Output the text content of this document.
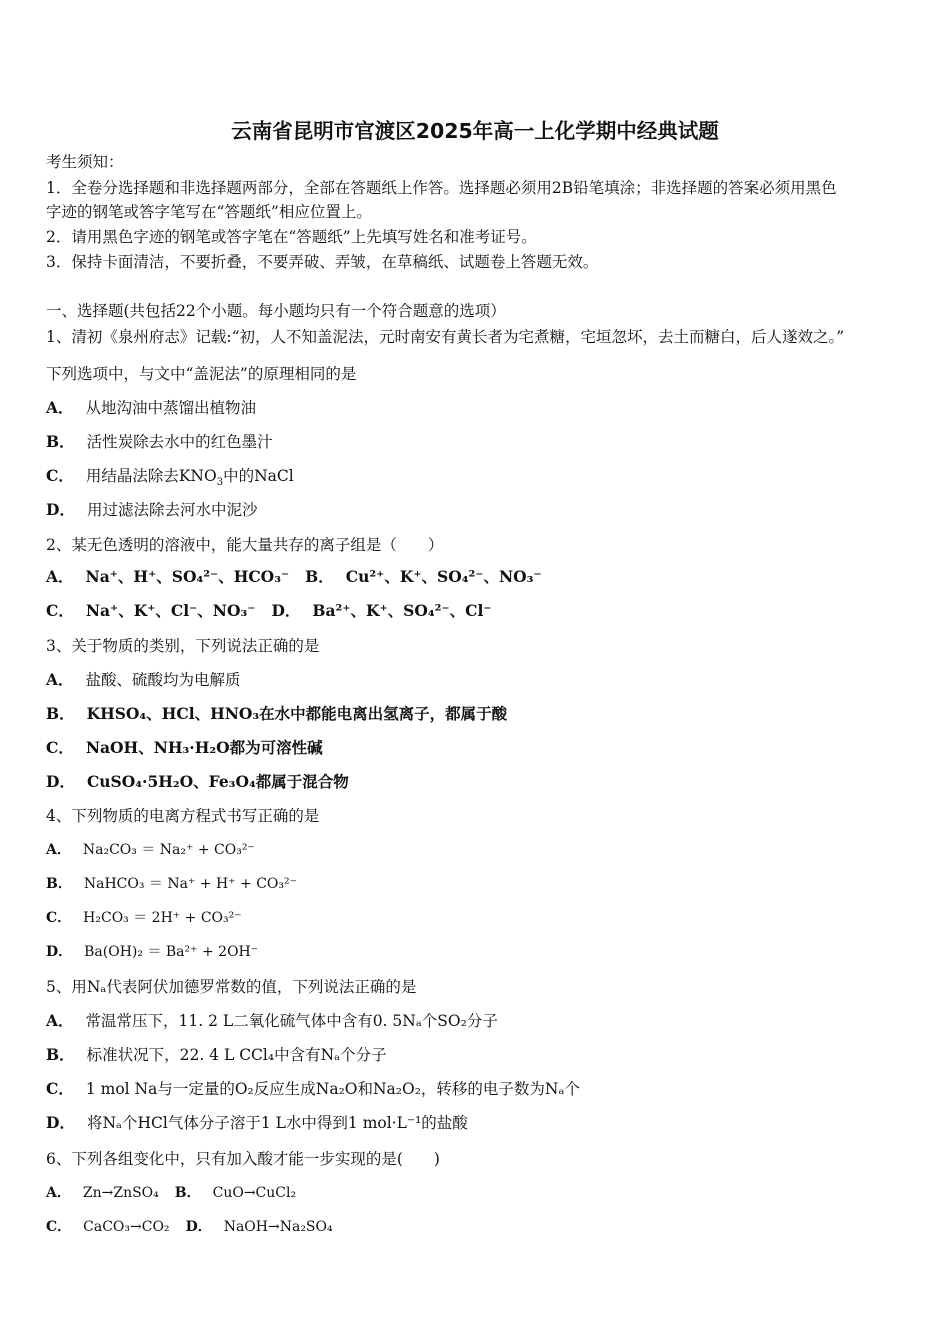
云南省昆明市官渡区2025年高一上化学期中经典试题
考生须知：
1．全卷分选择题和非选择题两部分，全部在答题纸上作答。选择题必须用2B铅笔填涂；非选择题的答案必须用黑色
字迹的钢笔或答字笔写在“答题纸”相应位置上。
2．请用黑色字迹的钢笔或答字笔在“答题纸”上先填写姓名和准考证号。
3．保持卡面清洁，不要折叠，不要弄破、弄皱，在草稿纸、试题卷上答题无效。
一、选择题(共包括22个小题。每小题均只有一个符合题意的选项）
1、清初《泉州府志》记载:“初，人不知盖泥法，元时南安有黄长者为宅煮糖，宅垣忽坏，去土而糖白，后人遂效之。”
下列选项中，与文中“盖泥法”的原理相同的是
A． 从地沟油中蒸馏出植物油
B． 活性炭除去水中的红色墨汁
C． 用结晶法除去$KNO_3$中的NaCl
D． 用过滤法除去河水中泥沙
2、某无色透明的溶液中，能大量共存的离子组是（　　）
A． Na⁺、H⁺、SO₄²⁻、HCO₃⁻ B． Cu²⁺、K⁺、SO₄²⁻、NO₃⁻
C． Na⁺、K⁺、Cl⁻、NO₃⁻ D． Ba²⁺、K⁺、SO₄²⁻、Cl⁻
3、关于物质的类别，下列说法正确的是
A． 盐酸、硫酸均为电解质
B． KHSO₄、HCl、HNO₃在水中都能电离出氢离子，都属于酸
C． NaOH、NH₃·H₂O都为可溶性碱
D． CuSO₄·5H₂O、Fe₃O₄都属于混合物
4、下列物质的电离方程式书写正确的是
A． Na₂CO₃ ＝ Na₂⁺ + CO₃²⁻
B． NaHCO₃ ＝ Na⁺ + H⁺ + CO₃²⁻
C． H₂CO₃ ＝ 2H⁺ + CO₃²⁻
D． Ba(OH)₂ ＝ Ba²⁺ + 2OH⁻
5、用Nₐ代表阿伏加德罗常数的值，下列说法正确的是
A． 常温常压下，11. 2 L二氧化硫气体中含有0. 5Nₐ个SO₂分子
B． 标准状况下，22. 4 L CCl₄中含有Nₐ个分子
C． 1 mol Na与一定量的O₂反应生成Na₂O和Na₂O₂，转移的电子数为Nₐ个
D． 将Nₐ个HCl气体分子溶于1 L水中得到1 mol·L⁻¹的盐酸
6、下列各组变化中，只有加入酸才能一步实现的是(　　)
A． Zn→ZnSO₄ B． CuO→CuCl₂
C． CaCO₃→CO₂ D． NaOH→Na₂SO₄
